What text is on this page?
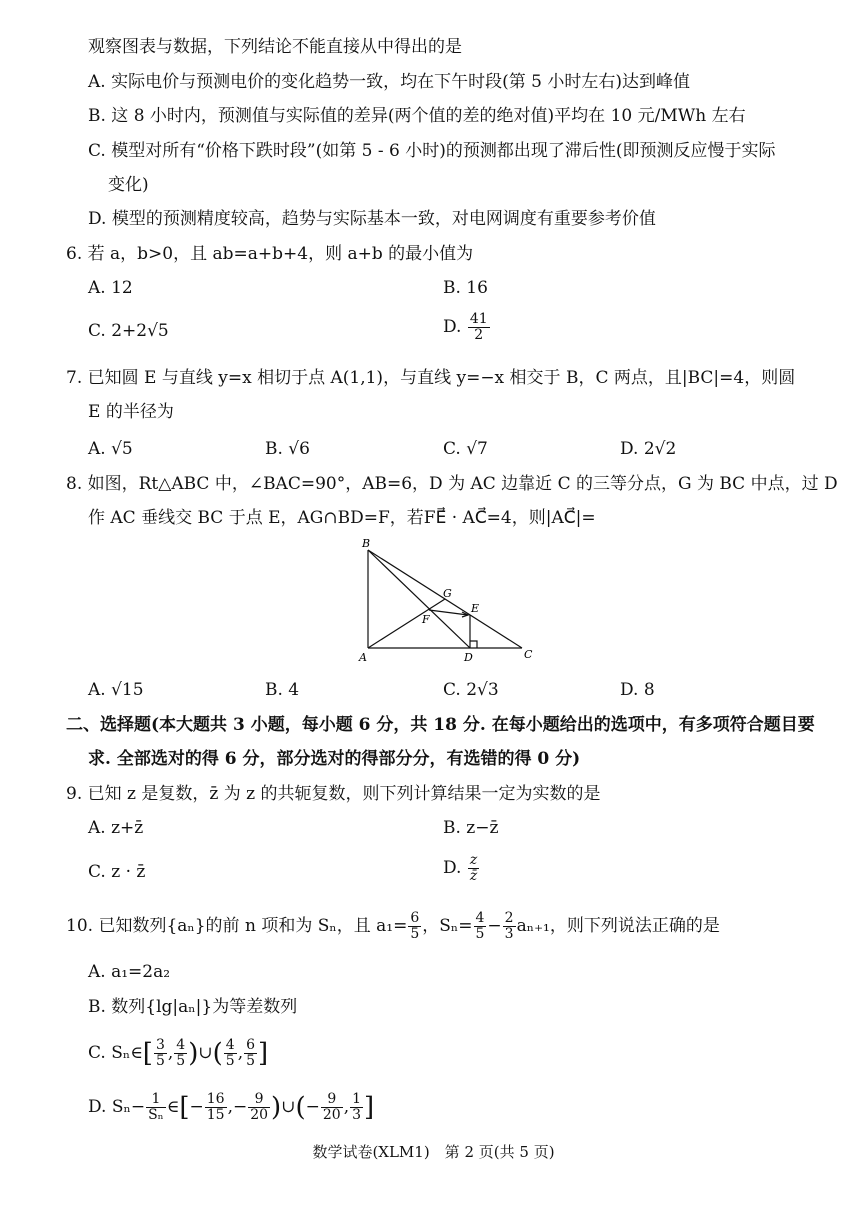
观察图表与数据，下列结论不能直接从中得出的是
A. 实际电价与预测电价的变化趋势一致，均在下午时段(第 5 小时左右)达到峰值
B. 这 8 小时内，预测值与实际值的差异(两个值的差的绝对值)平均在 10 元/MWh 左右
C. 模型对所有“价格下跌时段”(如第 5 - 6 小时)的预测都出现了滞后性(即预测反应慢于实际
变化)
D. 模型的预测精度较高，趋势与实际基本一致，对电网调度有重要参考价值
6. 若 a，b>0，且 ab=a+b+4，则 a+b 的最小值为
A. 12	B. 16
C. 2+2√5	D. $\frac{41}{2}$
7. 已知圆 E 与直线 y=x 相切于点 A(1,1)，与直线 y=−x 相交于 B，C 两点，且|BC|=4，则圆
E 的半径为
A. √5	B. √6	C. √7	D. 2√2
8. 如图，Rt△ABC 中，∠BAC=90°，AB=6，D 为 AC 边靠近 C 的三等分点，G 为 BC 中点，过 D
作 AC 垂线交 BC 于点 E，AG∩BD=F，若FE⃗ · AC⃗=4，则|AC⃗|=
B
G
E
F
A	D	C
A. √15	B. 4	C. 2√3	D. 8
二、选择题(本大题共 3 小题，每小题 6 分，共 18 分. 在每小题给出的选项中，有多项符合题目要
求. 全部选对的得 6 分，部分选对的得部分分，有选错的得 0 分)
9. 已知 z 是复数，z̄ 为 z 的共轭复数，则下列计算结果一定为实数的是
A. z+z̄	B. z−z̄
C. z · z̄	D. $\frac{z}{z̄}$
10. 已知数列{aₙ}的前 n 项和为 Sₙ，且 $a_1= \frac{6}{5}$ ，$S_n= \frac{4}{5} - \frac{2}{3} a_{n+1}$，则下列说法正确的是
A. a₁=2a₂
B. 数列{lg|aₙ|}为等差数列
C. Sₙ∈[ $\frac{3}{5}$ , $\frac{4}{5}$ )∪( $\frac{4}{5}$ , $\frac{6}{5}$ ]
D. $S_n- \frac{1}{\text{Sₙ}}$ ∈[− $\frac{16}{15}$ ,− $\frac{9}{20}$ )∪(− $\frac{9}{20}$ , $\frac{1}{3}$ ]
数学试卷(XLM1)　第 2 页(共 5 页)
